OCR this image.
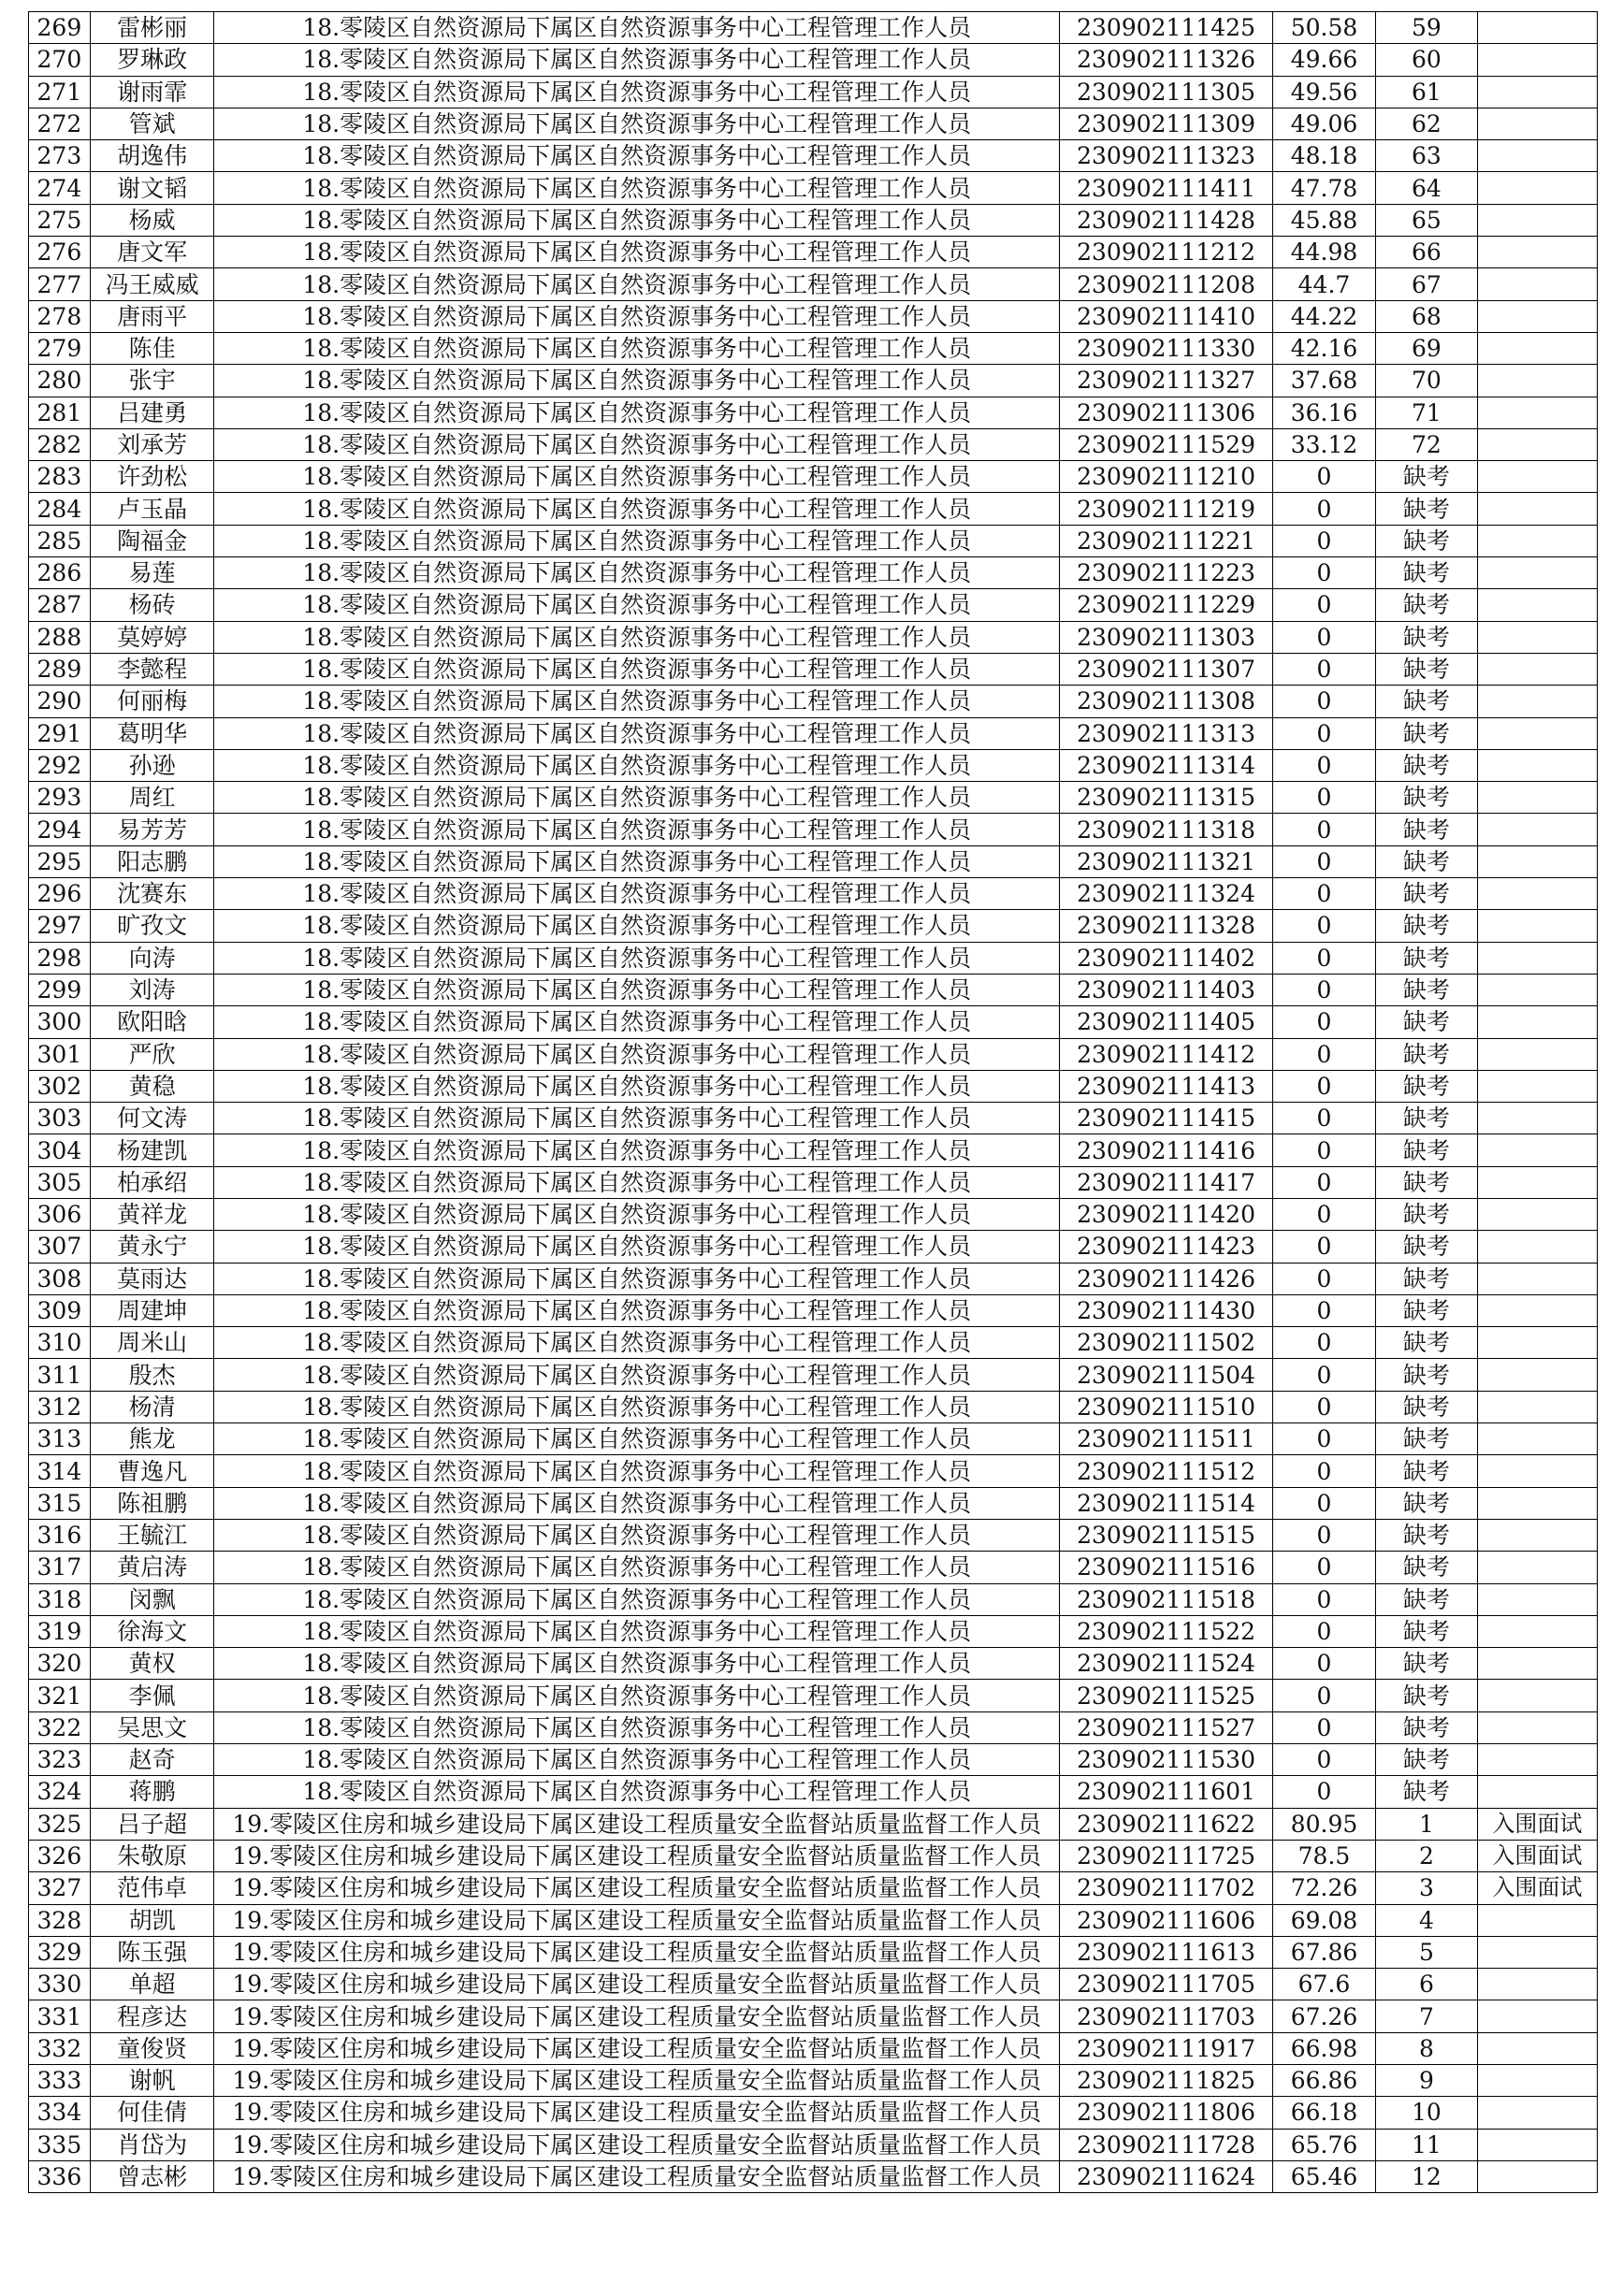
269	雷彬丽	18.零陵区自然资源局下属区自然资源事务中心工程管理工作人员	230902111425	50.58	59	
270	罗琳政	18.零陵区自然资源局下属区自然资源事务中心工程管理工作人员	230902111326	49.66	60	
271	谢雨霏	18.零陵区自然资源局下属区自然资源事务中心工程管理工作人员	230902111305	49.56	61	
272	管斌	18.零陵区自然资源局下属区自然资源事务中心工程管理工作人员	230902111309	49.06	62	
273	胡逸伟	18.零陵区自然资源局下属区自然资源事务中心工程管理工作人员	230902111323	48.18	63	
274	谢文韬	18.零陵区自然资源局下属区自然资源事务中心工程管理工作人员	230902111411	47.78	64	
275	杨威	18.零陵区自然资源局下属区自然资源事务中心工程管理工作人员	230902111428	45.88	65	
276	唐文军	18.零陵区自然资源局下属区自然资源事务中心工程管理工作人员	230902111212	44.98	66	
277	冯王威威	18.零陵区自然资源局下属区自然资源事务中心工程管理工作人员	230902111208	44.7	67	
278	唐雨平	18.零陵区自然资源局下属区自然资源事务中心工程管理工作人员	230902111410	44.22	68	
279	陈佳	18.零陵区自然资源局下属区自然资源事务中心工程管理工作人员	230902111330	42.16	69	
280	张宇	18.零陵区自然资源局下属区自然资源事务中心工程管理工作人员	230902111327	37.68	70	
281	吕建勇	18.零陵区自然资源局下属区自然资源事务中心工程管理工作人员	230902111306	36.16	71	
282	刘承芳	18.零陵区自然资源局下属区自然资源事务中心工程管理工作人员	230902111529	33.12	72	
283	许劲松	18.零陵区自然资源局下属区自然资源事务中心工程管理工作人员	230902111210	0	缺考	
284	卢玉晶	18.零陵区自然资源局下属区自然资源事务中心工程管理工作人员	230902111219	0	缺考	
285	陶福金	18.零陵区自然资源局下属区自然资源事务中心工程管理工作人员	230902111221	0	缺考	
286	易莲	18.零陵区自然资源局下属区自然资源事务中心工程管理工作人员	230902111223	0	缺考	
287	杨砖	18.零陵区自然资源局下属区自然资源事务中心工程管理工作人员	230902111229	0	缺考	
288	莫婷婷	18.零陵区自然资源局下属区自然资源事务中心工程管理工作人员	230902111303	0	缺考	
289	李懿程	18.零陵区自然资源局下属区自然资源事务中心工程管理工作人员	230902111307	0	缺考	
290	何丽梅	18.零陵区自然资源局下属区自然资源事务中心工程管理工作人员	230902111308	0	缺考	
291	葛明华	18.零陵区自然资源局下属区自然资源事务中心工程管理工作人员	230902111313	0	缺考	
292	孙逊	18.零陵区自然资源局下属区自然资源事务中心工程管理工作人员	230902111314	0	缺考	
293	周红	18.零陵区自然资源局下属区自然资源事务中心工程管理工作人员	230902111315	0	缺考	
294	易芳芳	18.零陵区自然资源局下属区自然资源事务中心工程管理工作人员	230902111318	0	缺考	
295	阳志鹏	18.零陵区自然资源局下属区自然资源事务中心工程管理工作人员	230902111321	0	缺考	
296	沈赛东	18.零陵区自然资源局下属区自然资源事务中心工程管理工作人员	230902111324	0	缺考	
297	旷孜文	18.零陵区自然资源局下属区自然资源事务中心工程管理工作人员	230902111328	0	缺考	
298	向涛	18.零陵区自然资源局下属区自然资源事务中心工程管理工作人员	230902111402	0	缺考	
299	刘涛	18.零陵区自然资源局下属区自然资源事务中心工程管理工作人员	230902111403	0	缺考	
300	欧阳晗	18.零陵区自然资源局下属区自然资源事务中心工程管理工作人员	230902111405	0	缺考	
301	严欣	18.零陵区自然资源局下属区自然资源事务中心工程管理工作人员	230902111412	0	缺考	
302	黄稳	18.零陵区自然资源局下属区自然资源事务中心工程管理工作人员	230902111413	0	缺考	
303	何文涛	18.零陵区自然资源局下属区自然资源事务中心工程管理工作人员	230902111415	0	缺考	
304	杨建凯	18.零陵区自然资源局下属区自然资源事务中心工程管理工作人员	230902111416	0	缺考	
305	柏承绍	18.零陵区自然资源局下属区自然资源事务中心工程管理工作人员	230902111417	0	缺考	
306	黄祥龙	18.零陵区自然资源局下属区自然资源事务中心工程管理工作人员	230902111420	0	缺考	
307	黄永宁	18.零陵区自然资源局下属区自然资源事务中心工程管理工作人员	230902111423	0	缺考	
308	莫雨达	18.零陵区自然资源局下属区自然资源事务中心工程管理工作人员	230902111426	0	缺考	
309	周建坤	18.零陵区自然资源局下属区自然资源事务中心工程管理工作人员	230902111430	0	缺考	
310	周米山	18.零陵区自然资源局下属区自然资源事务中心工程管理工作人员	230902111502	0	缺考	
311	殷杰	18.零陵区自然资源局下属区自然资源事务中心工程管理工作人员	230902111504	0	缺考	
312	杨清	18.零陵区自然资源局下属区自然资源事务中心工程管理工作人员	230902111510	0	缺考	
313	熊龙	18.零陵区自然资源局下属区自然资源事务中心工程管理工作人员	230902111511	0	缺考	
314	曹逸凡	18.零陵区自然资源局下属区自然资源事务中心工程管理工作人员	230902111512	0	缺考	
315	陈祖鹏	18.零陵区自然资源局下属区自然资源事务中心工程管理工作人员	230902111514	0	缺考	
316	王毓江	18.零陵区自然资源局下属区自然资源事务中心工程管理工作人员	230902111515	0	缺考	
317	黄启涛	18.零陵区自然资源局下属区自然资源事务中心工程管理工作人员	230902111516	0	缺考	
318	闵飘	18.零陵区自然资源局下属区自然资源事务中心工程管理工作人员	230902111518	0	缺考	
319	徐海文	18.零陵区自然资源局下属区自然资源事务中心工程管理工作人员	230902111522	0	缺考	
320	黄权	18.零陵区自然资源局下属区自然资源事务中心工程管理工作人员	230902111524	0	缺考	
321	李佩	18.零陵区自然资源局下属区自然资源事务中心工程管理工作人员	230902111525	0	缺考	
322	吴思文	18.零陵区自然资源局下属区自然资源事务中心工程管理工作人员	230902111527	0	缺考	
323	赵奇	18.零陵区自然资源局下属区自然资源事务中心工程管理工作人员	230902111530	0	缺考	
324	蒋鹏	18.零陵区自然资源局下属区自然资源事务中心工程管理工作人员	230902111601	0	缺考	
325	吕子超	19.零陵区住房和城乡建设局下属区建设工程质量安全监督站质量监督工作人员	230902111622	80.95	1	入围面试
326	朱敬原	19.零陵区住房和城乡建设局下属区建设工程质量安全监督站质量监督工作人员	230902111725	78.5	2	入围面试
327	范伟卓	19.零陵区住房和城乡建设局下属区建设工程质量安全监督站质量监督工作人员	230902111702	72.26	3	入围面试
328	胡凯	19.零陵区住房和城乡建设局下属区建设工程质量安全监督站质量监督工作人员	230902111606	69.08	4	
329	陈玉强	19.零陵区住房和城乡建设局下属区建设工程质量安全监督站质量监督工作人员	230902111613	67.86	5	
330	单超	19.零陵区住房和城乡建设局下属区建设工程质量安全监督站质量监督工作人员	230902111705	67.6	6	
331	程彦达	19.零陵区住房和城乡建设局下属区建设工程质量安全监督站质量监督工作人员	230902111703	67.26	7	
332	童俊贤	19.零陵区住房和城乡建设局下属区建设工程质量安全监督站质量监督工作人员	230902111917	66.98	8	
333	谢帆	19.零陵区住房和城乡建设局下属区建设工程质量安全监督站质量监督工作人员	230902111825	66.86	9	
334	何佳倩	19.零陵区住房和城乡建设局下属区建设工程质量安全监督站质量监督工作人员	230902111806	66.18	10	
335	肖岱为	19.零陵区住房和城乡建设局下属区建设工程质量安全监督站质量监督工作人员	230902111728	65.76	11	
336	曾志彬	19.零陵区住房和城乡建设局下属区建设工程质量安全监督站质量监督工作人员	230902111624	65.46	12	
